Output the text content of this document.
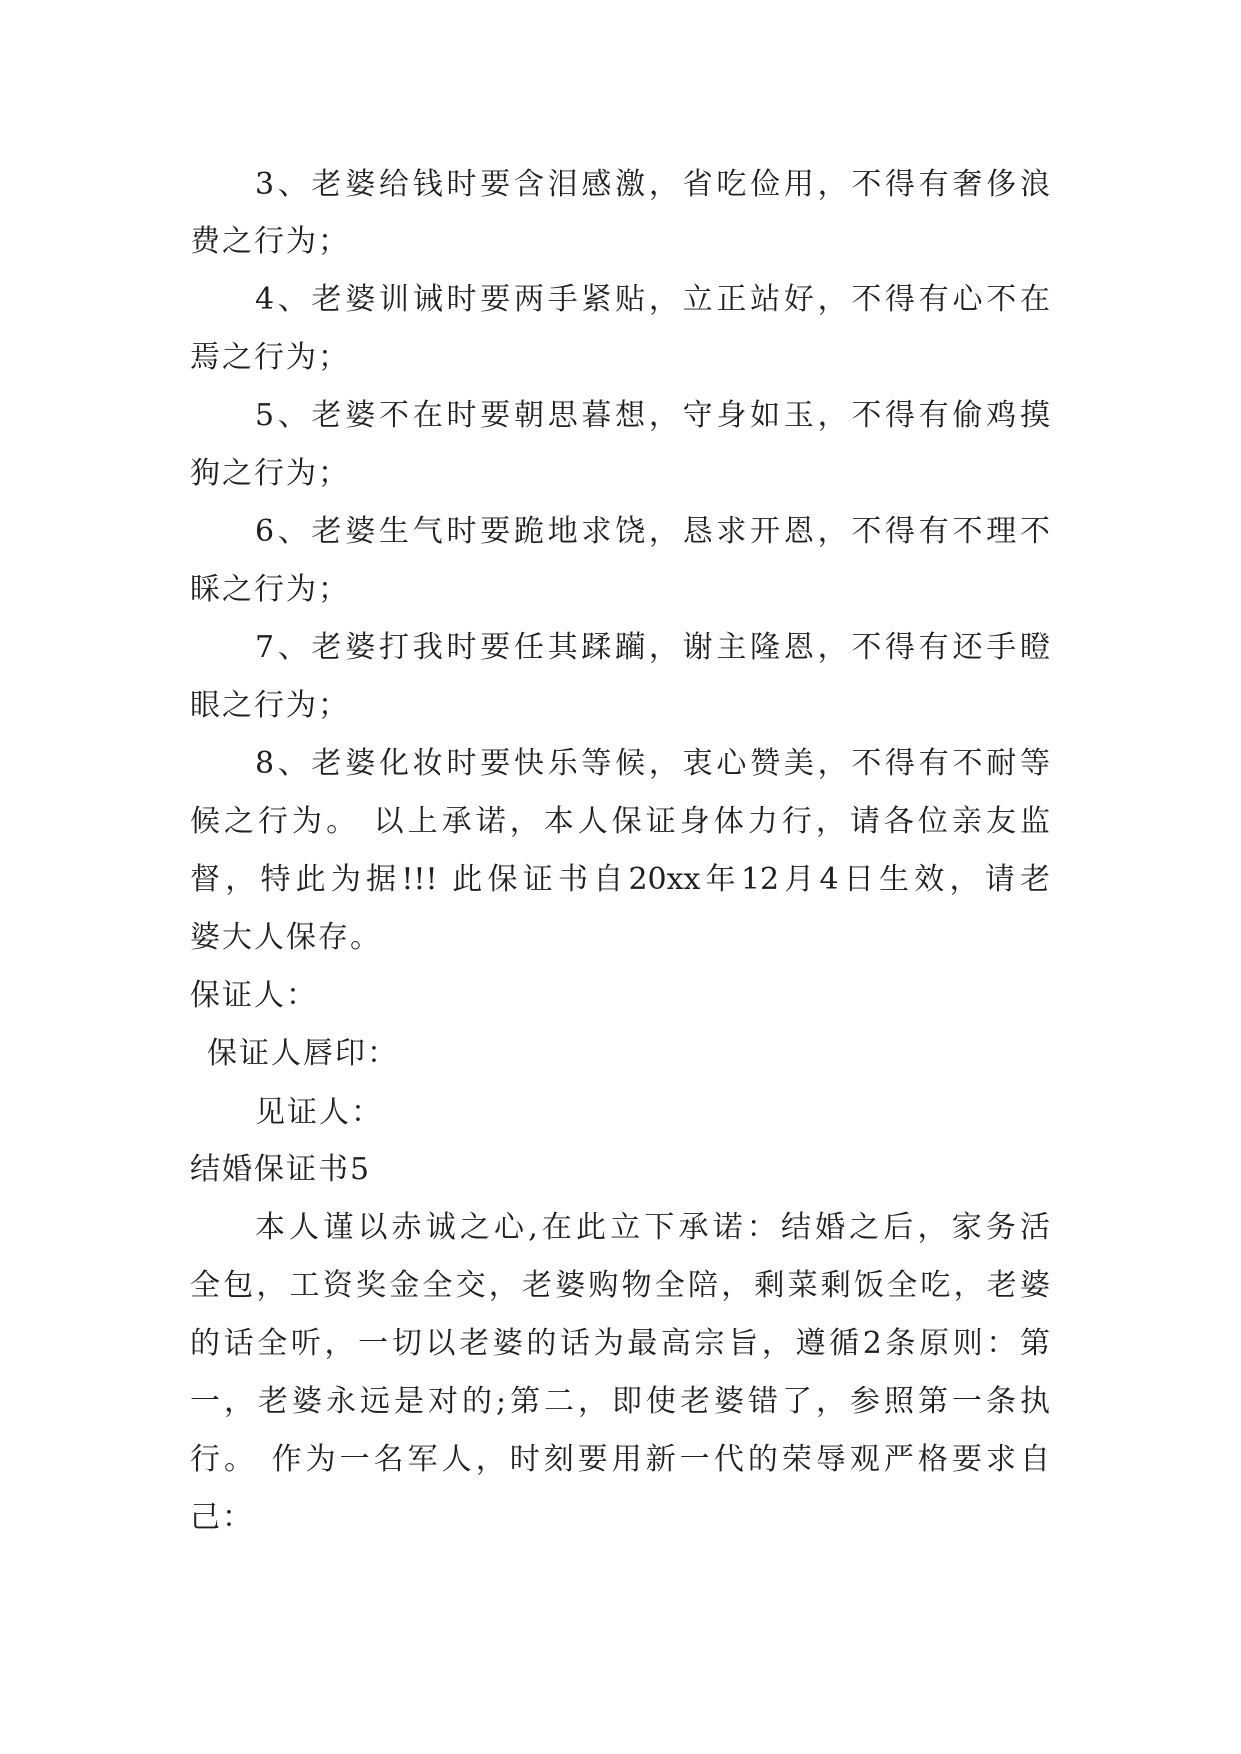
3、老婆给钱时要含泪感激，省吃俭用，不得有奢侈浪
费之行为；
4、老婆训诫时要两手紧贴，立正站好，不得有心不在
焉之行为；
5、老婆不在时要朝思暮想，守身如玉，不得有偷鸡摸
狗之行为；
6、老婆生气时要跪地求饶，恳求开恩，不得有不理不
睬之行为；
7、老婆打我时要任其蹂躏，谢主隆恩，不得有还手瞪
眼之行为；
8、老婆化妆时要快乐等候，衷心赞美，不得有不耐等
候之行为。 以上承诺，本人保证身体力行，请各位亲友监
督，特此为据!!! 此保证书自20xx年12月4日生效，请老
婆大人保存。
保证人：
保证人唇印：
见证人：
结婚保证书5
本人谨以赤诚之心,在此立下承诺：结婚之后，家务活
全包，工资奖金全交，老婆购物全陪，剩菜剩饭全吃，老婆
的话全听，一切以老婆的话为最高宗旨，遵循2条原则：第
一，老婆永远是对的;第二，即使老婆错了，参照第一条执
行。 作为一名军人，时刻要用新一代的荣辱观严格要求自
己：
